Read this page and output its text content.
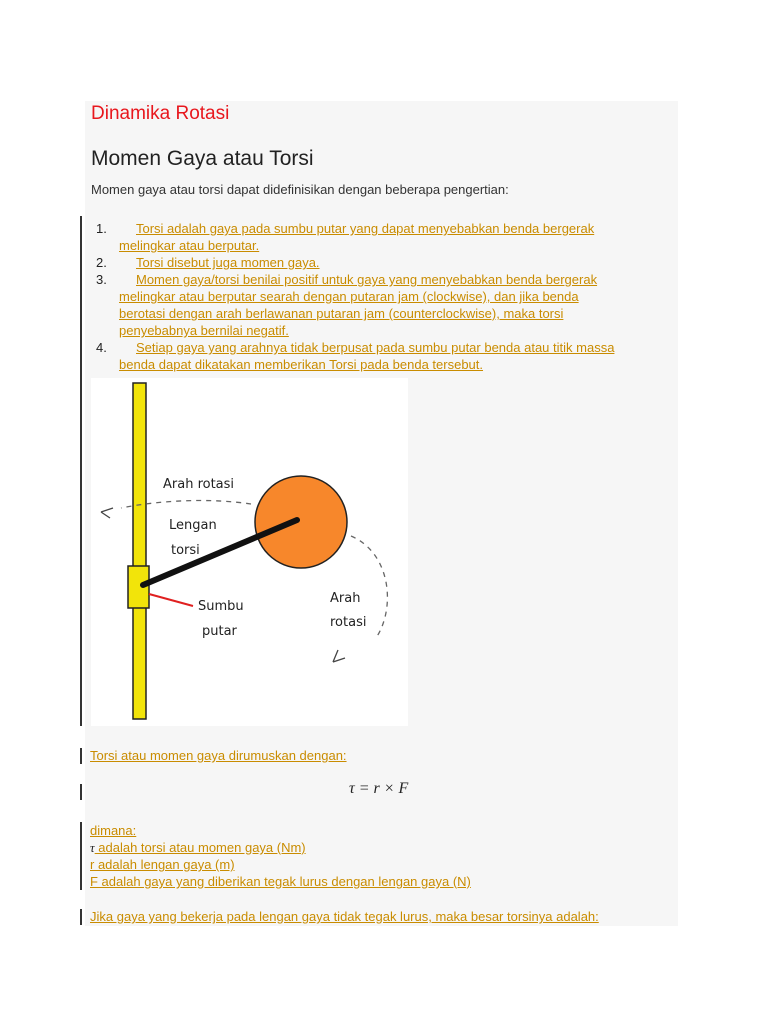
Dinamika Rotasi
Momen Gaya atau Torsi
Momen gaya atau torsi dapat didefinisikan dengan beberapa pengertian:
1. Torsi adalah gaya pada sumbu putar yang dapat menyebabkan benda bergerak
melingkar atau berputar.
2. Torsi disebut juga momen gaya.
3. Momen gaya/torsi benilai positif untuk gaya yang menyebabkan benda bergerak
melingkar atau berputar searah dengan putaran jam (clockwise), dan jika benda
berotasi dengan arah berlawanan putaran jam (counterclockwise), maka torsi
penyebabnya bernilai negatif.
4. Setiap gaya yang arahnya tidak berpusat pada sumbu putar benda atau titik massa
benda dapat dikatakan memberikan Torsi pada benda tersebut.
Arah rotasi
Lengan
torsi
Sumbu
putar
Arah
rotasi
Torsi atau momen gaya dirumuskan dengan:
τ = r × F
dimana:
τ adalah torsi atau momen gaya (Nm)
r adalah lengan gaya (m)
F adalah gaya yang diberikan tegak lurus dengan lengan gaya (N)
Jika gaya yang bekerja pada lengan gaya tidak tegak lurus, maka besar torsinya adalah:
